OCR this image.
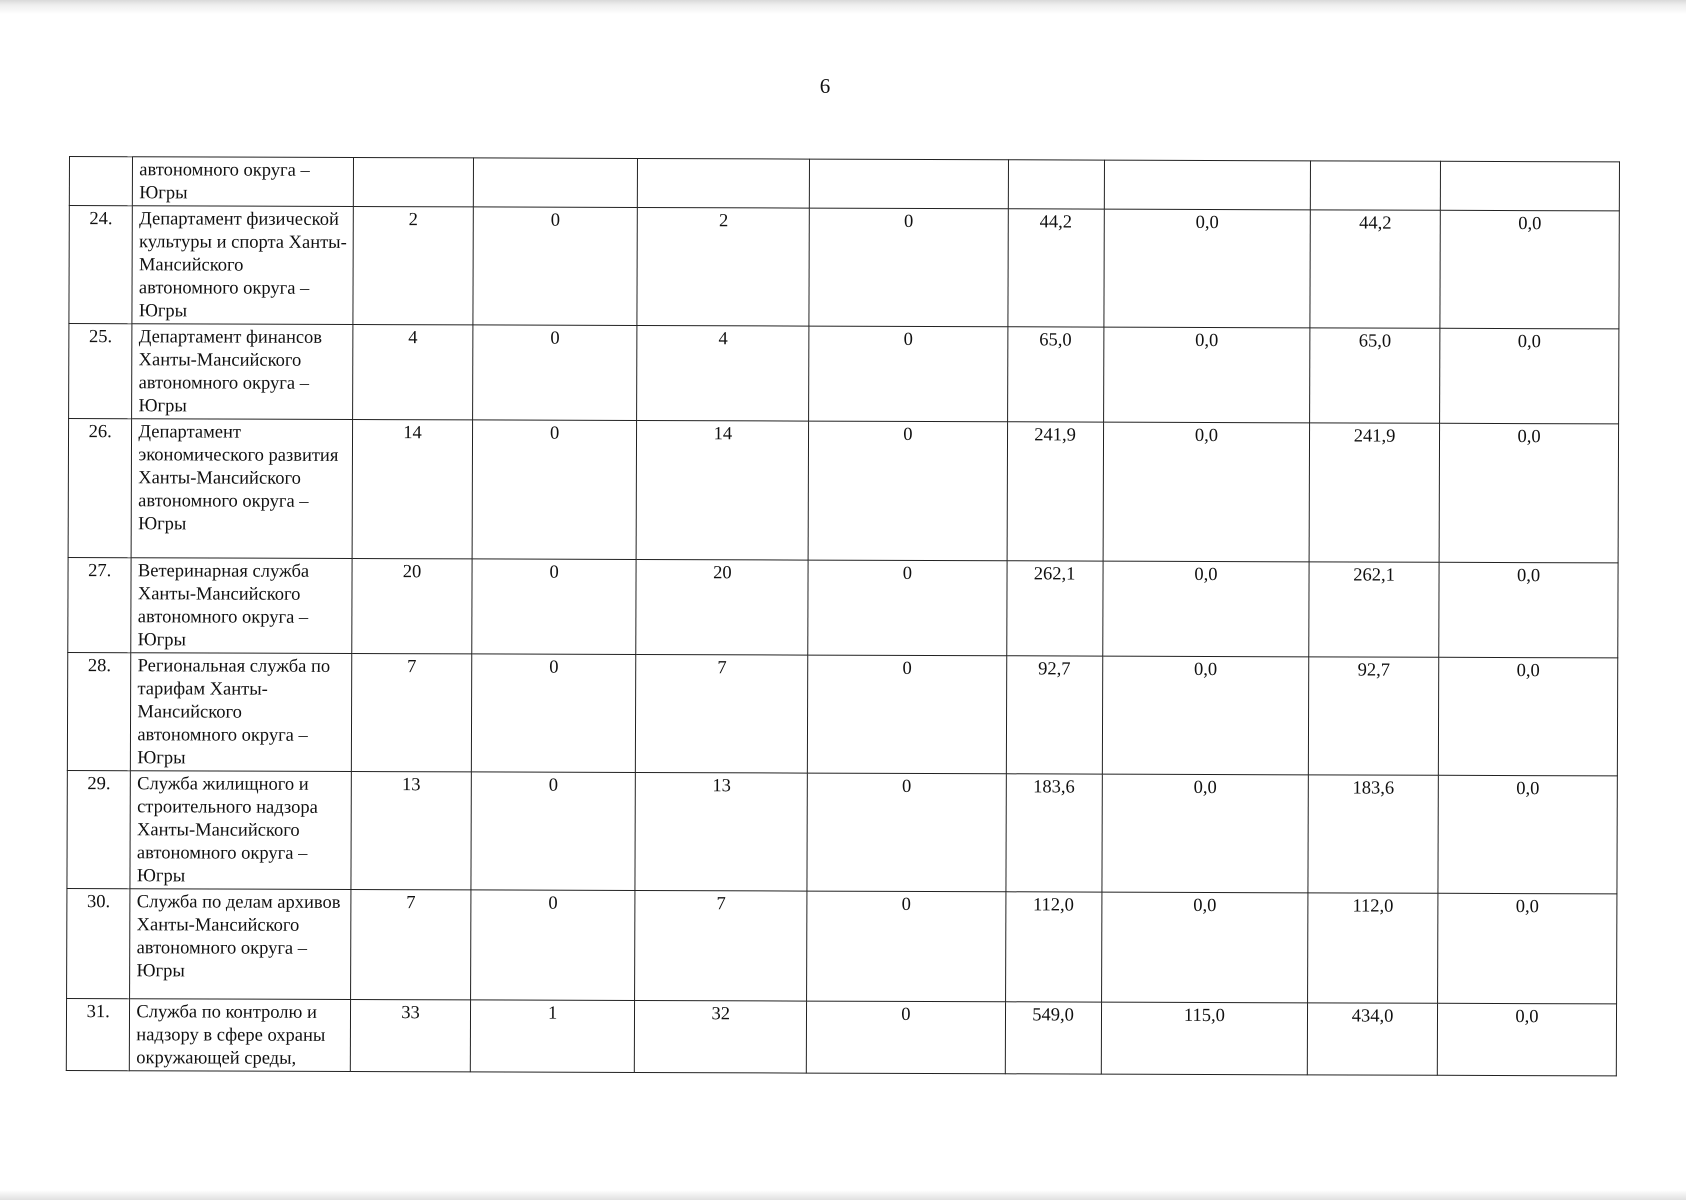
6
	автономного округа – Югры								
24.	Департамент физической культуры и спорта Ханты-Мансийского автономного округа – Югры	2	0	2	0	44,2	0,0	44,2	0,0
25.	Департамент финансов Ханты-Мансийского автономного округа – Югры	4	0	4	0	65,0	0,0	65,0	0,0
26.	Департамент экономического развития Ханты-Мансийского автономного округа – Югры	14	0	14	0	241,9	0,0	241,9	0,0
27.	Ветеринарная служба Ханты-Мансийского автономного округа – Югры	20	0	20	0	262,1	0,0	262,1	0,0
28.	Региональная служба по тарифам Ханты-Мансийского автономного округа – Югры	7	0	7	0	92,7	0,0	92,7	0,0
29.	Служба жилищного и строительного надзора Ханты-Мансийского автономного округа – Югры	13	0	13	0	183,6	0,0	183,6	0,0
30.	Служба по делам архивов Ханты-Мансийского автономного округа – Югры	7	0	7	0	112,0	0,0	112,0	0,0
31.	Служба по контролю и надзору в сфере охраны окружающей среды,	33	1	32	0	549,0	115,0	434,0	0,0
